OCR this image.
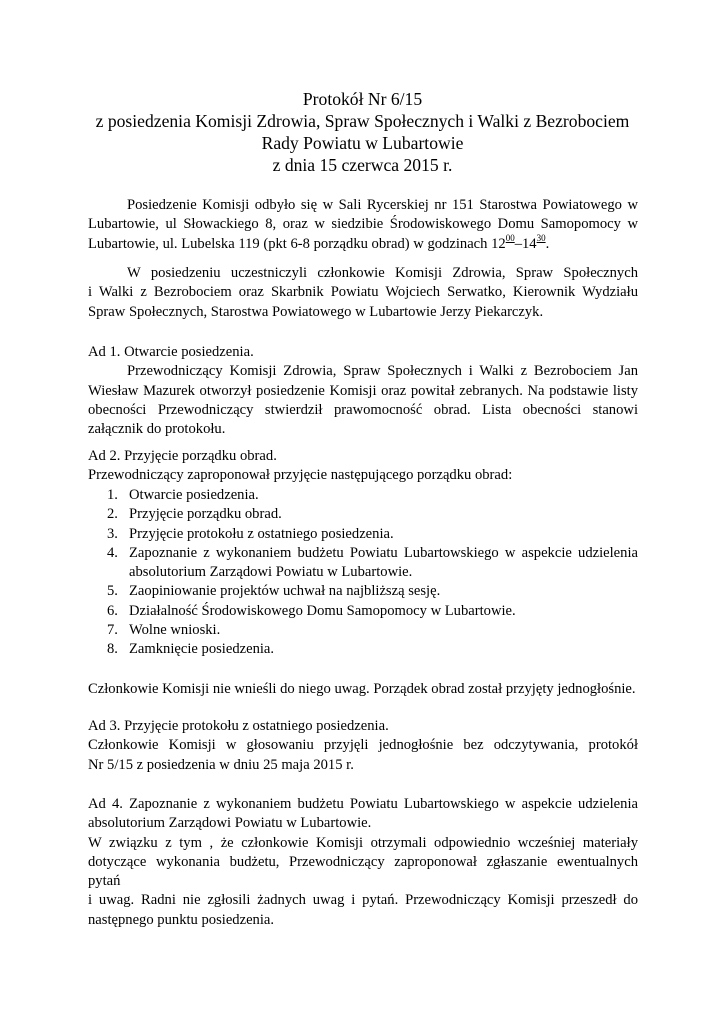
Protokół Nr 6/15
z posiedzenia Komisji Zdrowia, Spraw Społecznych i Walki z Bezrobociem
Rady Powiatu w Lubartowie
z dnia 15 czerwca 2015 r.
Posiedzenie Komisji odbyło się w Sali Rycerskiej nr 151 Starostwa Powiatowego w
Lubartowie, ul Słowackiego 8, oraz w siedzibie Środowiskowego Domu Samopomocy w
Lubartowie, ul. Lubelska 119 (pkt 6-8 porządku obrad) w godzinach $12^{00}-14^{30}$.
W posiedzeniu uczestniczyli członkowie Komisji Zdrowia, Spraw Społecznych
i Walki z Bezrobociem oraz Skarbnik Powiatu Wojciech Serwatko, Kierownik Wydziału
Spraw Społecznych, Starostwa Powiatowego w Lubartowie Jerzy Piekarczyk.
Ad 1. Otwarcie posiedzenia.
Przewodniczący Komisji Zdrowia, Spraw Społecznych i Walki z Bezrobociem Jan
Wiesław Mazurek otworzył posiedzenie Komisji oraz powitał zebranych. Na podstawie listy
obecności Przewodniczący stwierdził prawomocność obrad. Lista obecności stanowi
załącznik do protokołu.
Ad 2. Przyjęcie porządku obrad.
Przewodniczący zaproponował przyjęcie następującego porządku obrad:
1. Otwarcie posiedzenia.
2. Przyjęcie porządku obrad.
3. Przyjęcie protokołu z ostatniego posiedzenia.
4. Zapoznanie z wykonaniem budżetu Powiatu Lubartowskiego w aspekcie udzielenia
absolutorium Zarządowi Powiatu w Lubartowie.
5. Zaopiniowanie projektów uchwał na najbliższą sesję.
6. Działalność Środowiskowego Domu Samopomocy w Lubartowie.
7. Wolne wnioski.
8. Zamknięcie posiedzenia.
Członkowie Komisji nie wnieśli do niego uwag. Porządek obrad został przyjęty jednogłośnie.
Ad 3. Przyjęcie protokołu z ostatniego posiedzenia.
Członkowie Komisji w głosowaniu przyjęli jednogłośnie bez odczytywania, protokół
Nr 5/15 z posiedzenia w dniu 25 maja 2015 r.
Ad 4. Zapoznanie z wykonaniem budżetu Powiatu Lubartowskiego w aspekcie udzielenia
absolutorium Zarządowi Powiatu w Lubartowie.
W związku z tym , że członkowie Komisji otrzymali odpowiednio wcześniej materiały
dotyczące wykonania budżetu, Przewodniczący zaproponował zgłaszanie ewentualnych pytań
i uwag. Radni nie zgłosili żadnych uwag i pytań. Przewodniczący Komisji przeszedł do
następnego punktu posiedzenia.
